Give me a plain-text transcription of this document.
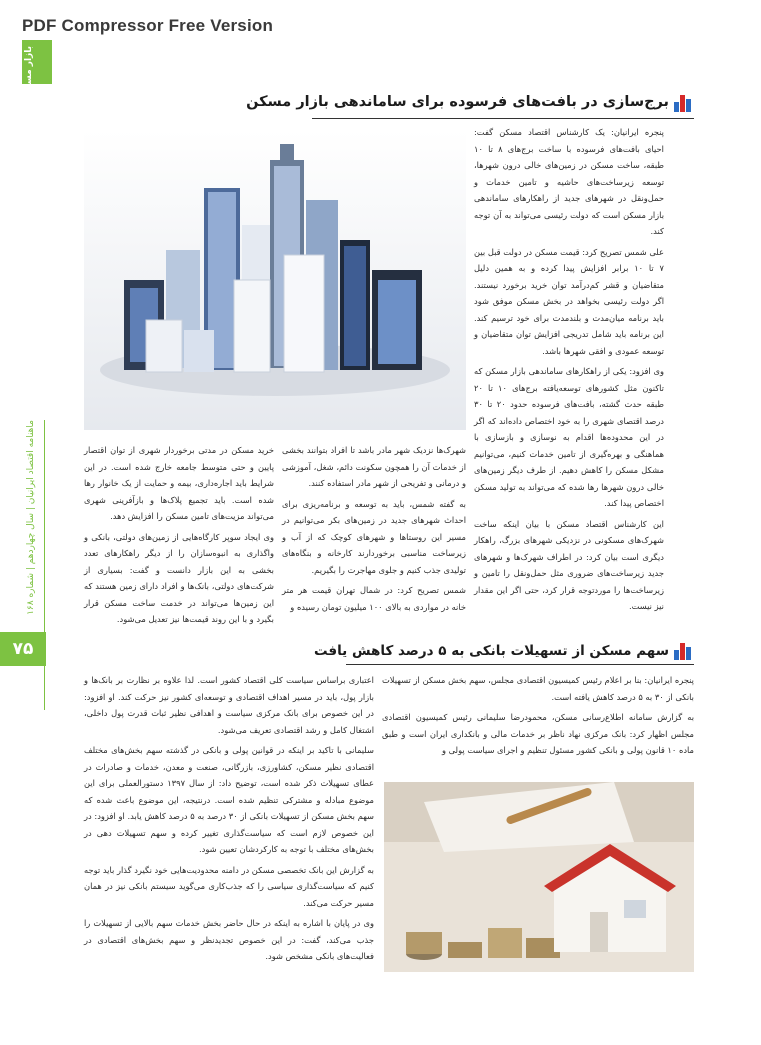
PDF Compressor Free Version
بازار مسکن و ساختمان
ماهنامه اقتصاد ایرانیان | سال چهاردهم | شماره ۱۶۸
۷۵
برج‌سازی در بافت‌های فرسوده برای ساماندهی بازار مسکن

پنجره ایرانیان: یک کارشناس اقتصاد مسکن گفت: احیای بافت‌های فرسوده با ساخت برج‌های ۸ تا ۱۰ طبقه، ساخت مسکن در زمین‌های خالی درون شهرها، توسعه زیرساخت‌های حاشیه و تامین خدمات و حمل‌ونقل در شهرهای جدید از راهکارهای ساماندهی بازار مسکن است که دولت رئیسی می‌تواند به آن توجه کند.

علی شمس تصریح کرد: قیمت مسکن در دولت قبل بین ۷ تا ۱۰ برابر افزایش پیدا کرده و به همین دلیل متقاضیان و قشر کم‌درآمد توان خرید برخورد نیستند. اگر دولت رئیسی بخواهد در بخش مسکن موفق شود باید برنامه میان‌مدت و بلندمدت برای خود ترسیم کند. این برنامه باید شامل تدریجی افزایش توان متقاضیان و توسعه عمودی و افقی شهرها باشد.

وی افزود: یکی از راهکارهای ساماندهی بازار مسکن که تاکنون مثل کشورهای توسعه‌یافته برج‌های ۱۰ تا ۲۰ طبقه حدت گشته، بافت‌های فرسوده حدود ۲۰ تا ۳۰ درصد اقتصای شهری را به خود اختصاص داده‌اند که اگر در این محدوده‌ها اقدام به نوسازی و بازسازی با هماهنگی و بهره‌گیری از تامین خدمات کنیم، می‌توانیم مشکل مسکن را کاهش دهیم. از طرف دیگر زمین‌های خالی درون شهرها رها شده که می‌تواند به تولید مسکن اختصاص پیدا کند.

این کارشناس اقتصاد مسکن با بیان اینکه ساخت شهرک‌های مسکونی در نزدیکی شهرهای بزرگ، راهکار دیگری است بیان کرد: در اطراف شهرک‌ها و شهرهای جدید زیرساخت‌های ضروری مثل حمل‌ونقل را تامین و زیرساخت‌ها را موردتوجه قرار کرد، حتی اگر این مقدار نیز نیست.

شهرک‌ها نزدیک شهر مادر باشد تا افراد بتوانند بخشی از خدمات آن را همچون سکونت دائم، شغل، آموزشی و درمانی و تفریحی از شهر مادر استفاده کنند.

به گفته شمس، باید به توسعه و برنامه‌ریزی برای احداث شهرهای جدید در زمین‌های بکر می‌توانیم در مسیر این روستاها و شهرهای کوچک که از آب و زیرساخت مناسبی برخوردارند کارخانه و بنگاه‌های تولیدی جذب کنیم و جلوی مهاجرت را بگیریم.

شمس تصریح کرد: در شمال تهران قیمت هر متر خانه در مواردی به بالای ۱۰۰ میلیون تومان رسیده و

خرید مسکن در مدتی برخوردار شهری از توان اقتصار پایین و حتی متوسط جامعه خارج شده است. در این شرایط باید اجاره‌داری، بیمه و حمایت از یک خانوار رها شده است. باید تجمیع پلاک‌ها و بازآفرینی شهری می‌تواند مزیت‌های تامین مسکن را افزایش دهد.

وی ایجاد سوپر کارگاه‌هایی از زمین‌های دولتی، بانکی و واگذاری به انبوه‌سازان را از دیگر راهکارهای تعدد بخشی به این بازار دانست و گفت: بسیاری از شرکت‌های دولتی، بانک‌ها و افراد دارای زمین هستند که این زمین‌ها می‌تواند در خدمت ساخت مسکن قرار بگیرد و با این روند قیمت‌ها نیز تعدیل می‌شود.

سهم مسکن از تسهیلات بانکی به ۵ درصد کاهش یافت

پنجره ایرانیان: بنا بر اعلام رئیس کمیسیون اقتصادی مجلس، سهم بخش مسکن از تسهیلات بانکی از ۳۰ به ۵ درصد کاهش یافته است.

به گزارش سامانه اطلاع‌رسانی مسکن، محمودرضا سلیمانی رئیس کمیسیون اقتصادی مجلس اظهار کرد: بانک مرکزی نهاد ناظر بر خدمات مالی و بانکداری ایران است و طبق ماده ۱۰ قانون پولی و بانکی کشور مسئول تنظیم و اجرای سیاست پولی و

اعتباری براساس سیاست کلی اقتصاد کشور است. لذا علاوه بر نظارت بر بانک‌ها و بازار پول، باید در مسیر اهداف اقتصادی و توسعه‌ای کشور نیز حرکت کند. او افزود: در این خصوص برای بانک مرکزی سیاست و اهدافی نظیر ثبات قدرت پول داخلی، اشتغال کامل و رشد اقتصادی تعریف می‌شود.

سلیمانی با تاکید بر اینکه در قوانین پولی و بانکی در گذشته سهم بخش‌های مختلف اقتصادی نظیر مسکن، کشاورزی، بازرگانی، صنعت و معدن، خدمات و صادرات در عطای تسهیلات ذکر شده است، توضیح داد: از سال ۱۳۹۷ دستورالعملی برای این موضوع مبادله و مشترکی تنظیم شده است. درنتیجه، این موضوع باعث شده که سهم بخش مسکن از تسهیلات بانکی از ۳۰ درصد به ۵ درصد کاهش یابد. او افزود: در این خصوص لازم است که سیاست‌گذاری تغییر کرده و سهم تسهیلات دهی در بخش‌های مختلف با توجه به کارکردشان تعیین شود.

به گزارش این بانک تخصصی مسکن در دامنه محدودیت‌هایی خود نگیرد گذار باید توجه کنیم که سیاست‌گذاری سیاسی را که جذب‌کاری می‌گوید سیستم بانکی نیز در همان مسیر حرکت می‌کند.

وی در پایان با اشاره به اینکه در حال حاضر بخش خدمات سهم بالایی از تسهیلات را جذب می‌کند، گفت: در این خصوص تجدیدنظر و سهم بخش‌های اقتصادی در فعالیت‌های بانکی مشخص شود.
